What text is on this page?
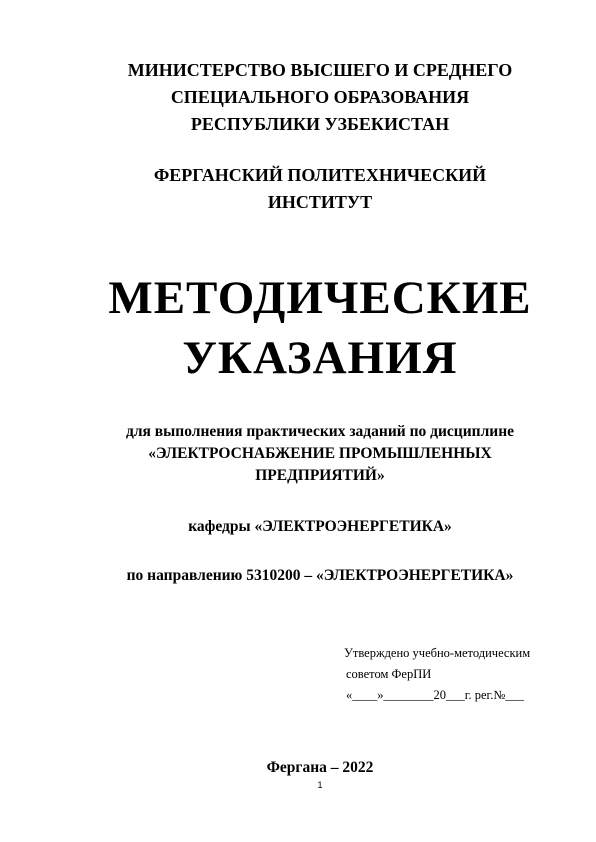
МИНИСТЕРСТВО ВЫСШЕГО И СРЕДНЕГО
СПЕЦИАЛЬНОГО ОБРАЗОВАНИЯ
РЕСПУБЛИКИ УЗБЕКИСТАН
ФЕРГАНСКИЙ ПОЛИТЕХНИЧЕСКИЙ
ИНСТИТУТ
МЕТОДИЧЕСКИЕ
УКАЗАНИЯ
для выполнения практических заданий по дисциплине
«ЭЛЕКТРОСНАБЖЕНИЕ ПРОМЫШЛЕННЫХ
ПРЕДПРИЯТИЙ»
кафедры «ЭЛЕКТРОЭНЕРГЕТИКА»
по направлению 5310200 – «ЭЛЕКТРОЭНЕРГЕТИКА»
Утверждено учебно-методическим
советом ФерПИ
«____»________20___г. рег.№___
Фергана – 2022
1
